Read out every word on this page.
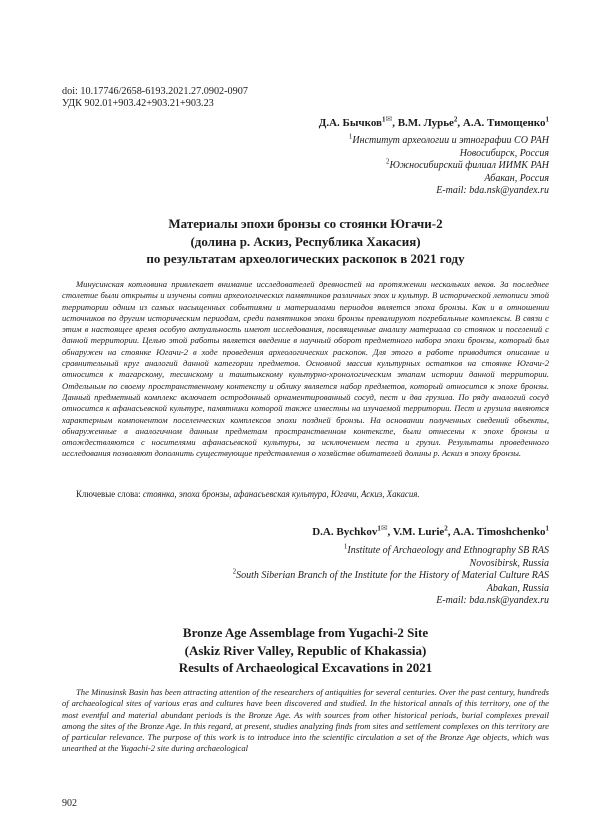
doi: 10.17746/2658-6193.2021.27.0902-0907
УДК 902.01+903.42+903.21+903.23
Д.А. Бычков$^{1✉}$, В.М. Лурье$^2$, А.А. Тимощенко$^1$
$^1$Институт археологии и этнографии СО РАН
Новосибирск, Россия
$^2$Южносибирский филиал ИИМК РАН
Абакан, Россия
E-mail: bda.nsk@yandex.ru
Материалы эпохи бронзы со стоянки Югачи-2
(долина р. Аскиз, Республика Хакасия)
по результатам археологических раскопок в 2021 году

Минусинская котловина привлекает внимание исследователей древностей на протяжении нескольких веков. За последнее столетие были открыты и изучены сотни археологических памятников различных эпох и культур. В исторической летописи этой территории одним из самых насыщенных событиями и материалами периодов является эпоха бронзы. Как и в отношении источников по другим историческим периодам, среди памятников эпохи бронзы превалируют погребальные комплексы. В связи с этим в настоящее время особую актуальность имеют исследования, посвященные анализу материала со стоянок и поселений с данной территории. Целью этой работы является введение в научный оборот предметного набора эпохи бронзы, который был обнаружен на стоянке Югачи-2 в ходе проведения археологических раскопок. Для этого в работе приводится описание и сравнительный круг аналогий данной категории предметов. Основной массив культурных остатков на стоянке Югачи-2 относится к тагарскому, тесинскому и таштыкскому культурно-хронологическим этапам истории данной территории. Отдельным по своему пространственному контексту и облику является набор предметов, который относится к эпохе бронзы. Данный предметный комплекс включает остродонный орнаментированный сосуд, пест и два грузила. По ряду аналогий сосуд относится к афанасьевской культуре, памятники которой также известны на изучаемой территории. Пест и грузила являются характерным компонентом поселенческих комплексов эпохи поздней бронзы. На основании полученных сведений объекты, обнаруженные в аналогичном данным предметам пространственном контексте, были отнесены к эпохе бронзы и отождествляются с носителями афанасьевской культуры, за исключением песта и грузил. Результаты проведенного исследования позволяют дополнить существующие представления о хозяйстве обитателей долины р. Аскиз в эпоху бронзы.

Ключевые слова: стоянка, эпоха бронзы, афанасьевская культура, Югачи, Аскиз, Хакасия.
D.A. Bychkov$^{1✉}$, V.M. Lurie$^2$, A.A. Timoshchenko$^1$
$^1$Institute of Archaeology and Ethnography SB RAS
Novosibirsk, Russia
$^2$South Siberian Branch of the Institute for the History of Material Culture RAS
Abakan, Russia
E-mail: bda.nsk@yandex.ru
Bronze Age Assemblage from Yugachi-2 Site
(Askiz River Valley, Republic of Khakassia)
Results of Archaeological Excavations in 2021

The Minusinsk Basin has been attracting attention of the researchers of antiquities for several centuries. Over the past century, hundreds of archaeological sites of various eras and cultures have been discovered and studied. In the historical annals of this territory, one of the most eventful and material abundant periods is the Bronze Age. As with sources from other historical periods, burial complexes prevail among the sites of the Bronze Age. In this regard, at present, studies analyzing finds from sites and settlement complexes on this territory are of particular relevance. The purpose of this work is to introduce into the scientific circulation a set of the Bronze Age objects, which was unearthed at the Yugachi-2 site during archaeological

902
